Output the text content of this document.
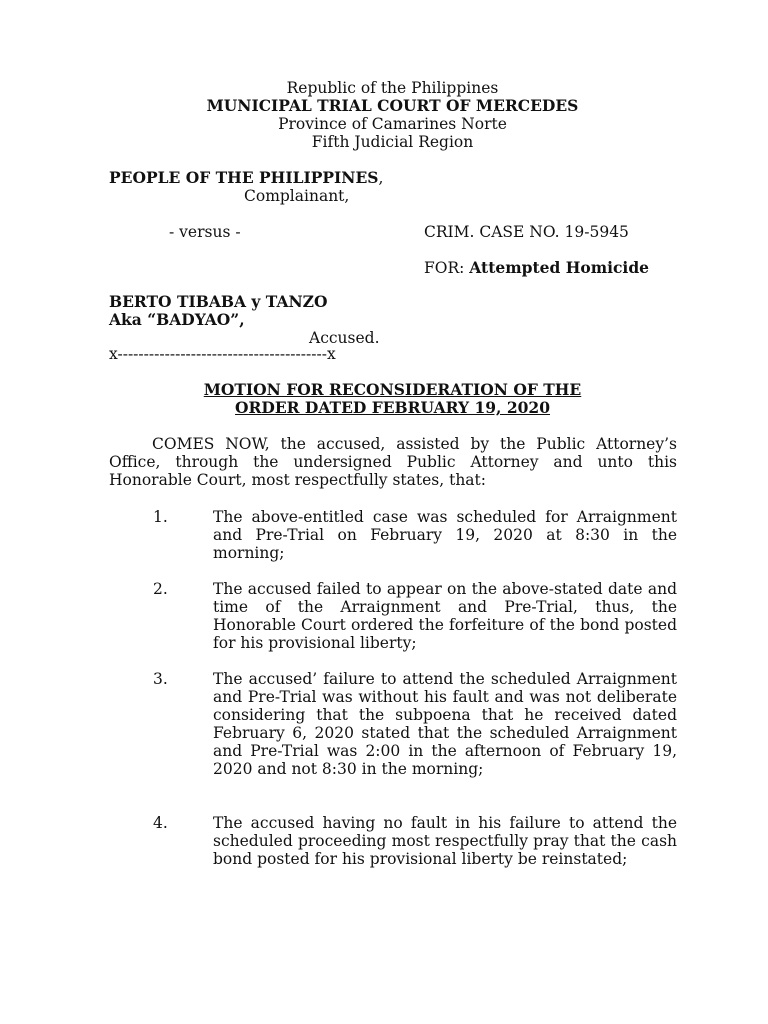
Republic of the Philippines
MUNICIPAL TRIAL COURT OF MERCEDES
Province of Camarines Norte
Fifth Judicial Region
PEOPLE OF THE PHILIPPINES,
Complainant,
- versus -	CRIM. CASE NO. 19-5945
FOR: Attempted Homicide
BERTO TIBABA y TANZO
Aka “BADYAO”,
Accused.
x----------------------------------------x
MOTION FOR RECONSIDERATION OF THE
ORDER DATED FEBRUARY 19, 2020
COMES NOW, the accused, assisted by the Public Attorney’s Office, through the undersigned Public Attorney and unto this Honorable Court, most respectfully states, that:
1.	The above-entitled case was scheduled for Arraignment and Pre-Trial on February 19, 2020 at 8:30 in the morning;
2.	The accused failed to appear on the above-stated date and time of the Arraignment and Pre-Trial, thus, the Honorable Court ordered the forfeiture of the bond posted for his provisional liberty;
3.	The accused’ failure to attend the scheduled Arraignment and Pre-Trial was without his fault and was not deliberate considering that the subpoena that he received dated February 6, 2020 stated that the scheduled Arraignment and Pre-Trial was 2:00 in the afternoon of February 19, 2020 and not 8:30 in the morning;
4.	The accused having no fault in his failure to attend the scheduled proceeding most respectfully pray that the cash bond posted for his provisional liberty be reinstated;
